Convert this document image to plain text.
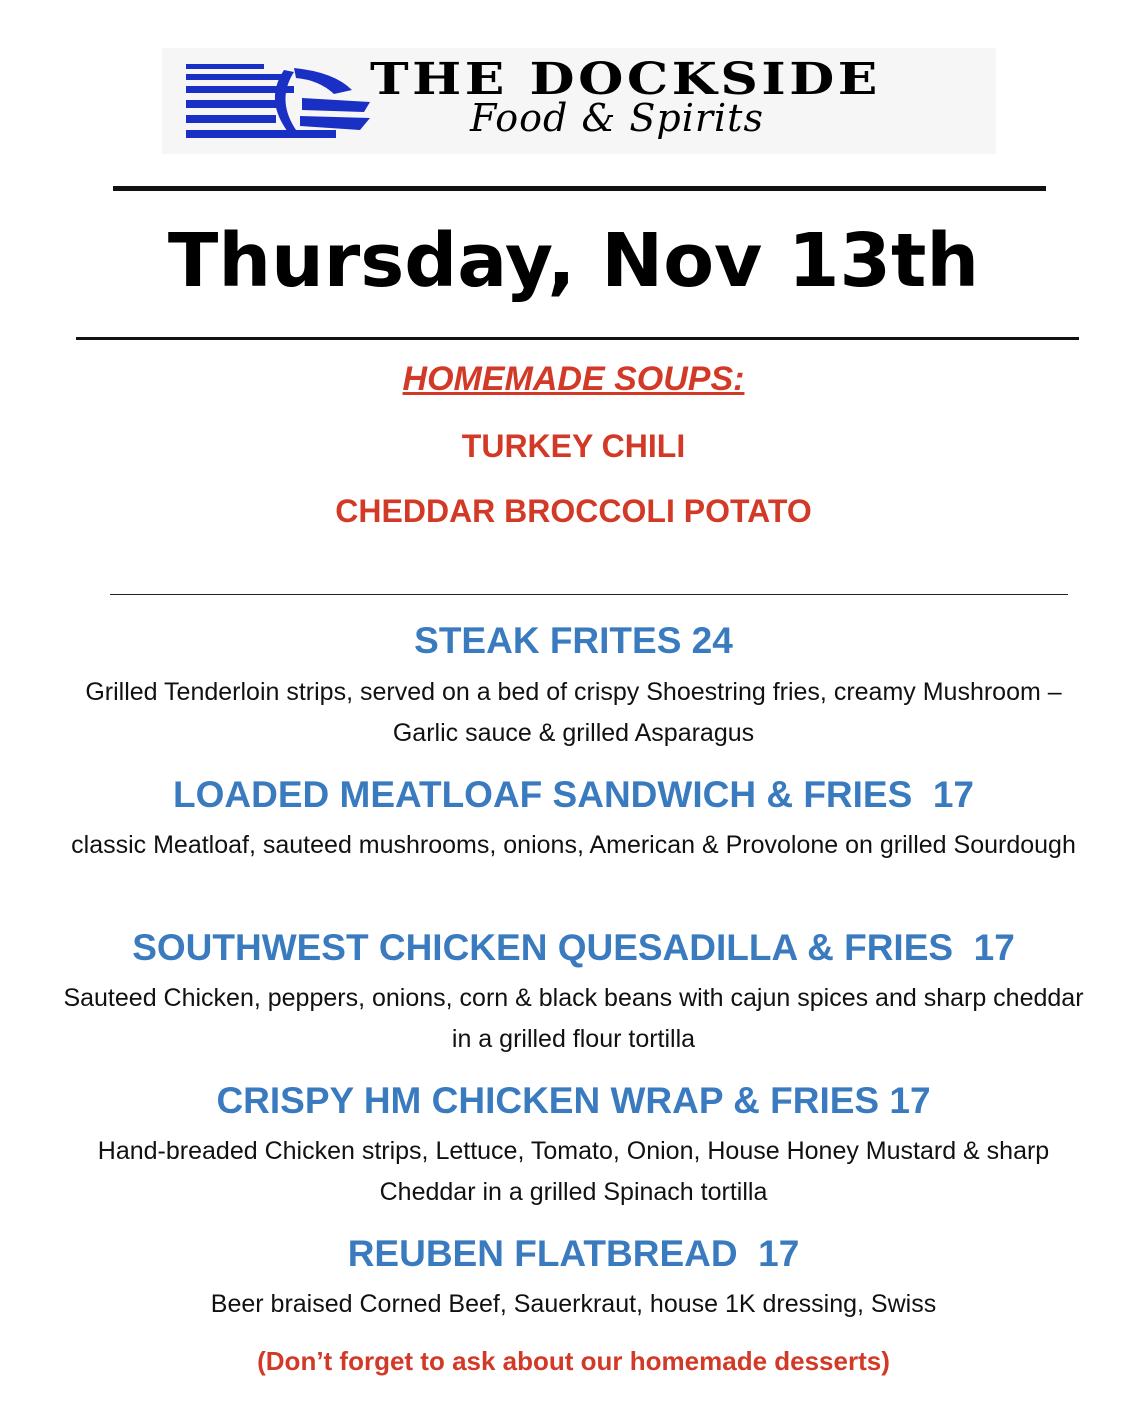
THE DOCKSIDE
Food & Spirits
Thursday, Nov 13th
HOMEMADE SOUPS:
TURKEY CHILI
CHEDDAR BROCCOLI POTATO
STEAK FRITES 24
Grilled Tenderloin strips, served on a bed of crispy Shoestring fries, creamy Mushroom – Garlic sauce & grilled Asparagus
LOADED MEATLOAF SANDWICH & FRIES  17
classic Meatloaf, sauteed mushrooms, onions, American & Provolone on grilled Sourdough
SOUTHWEST CHICKEN QUESADILLA & FRIES  17
Sauteed Chicken, peppers, onions, corn & black beans with cajun spices and sharp cheddar in a grilled flour tortilla
CRISPY HM CHICKEN WRAP & FRIES 17
Hand-breaded Chicken strips, Lettuce, Tomato, Onion, House Honey Mustard & sharp Cheddar in a grilled Spinach tortilla
REUBEN FLATBREAD  17
Beer braised Corned Beef, Sauerkraut, house 1K dressing, Swiss
(Don’t forget to ask about our homemade desserts)
